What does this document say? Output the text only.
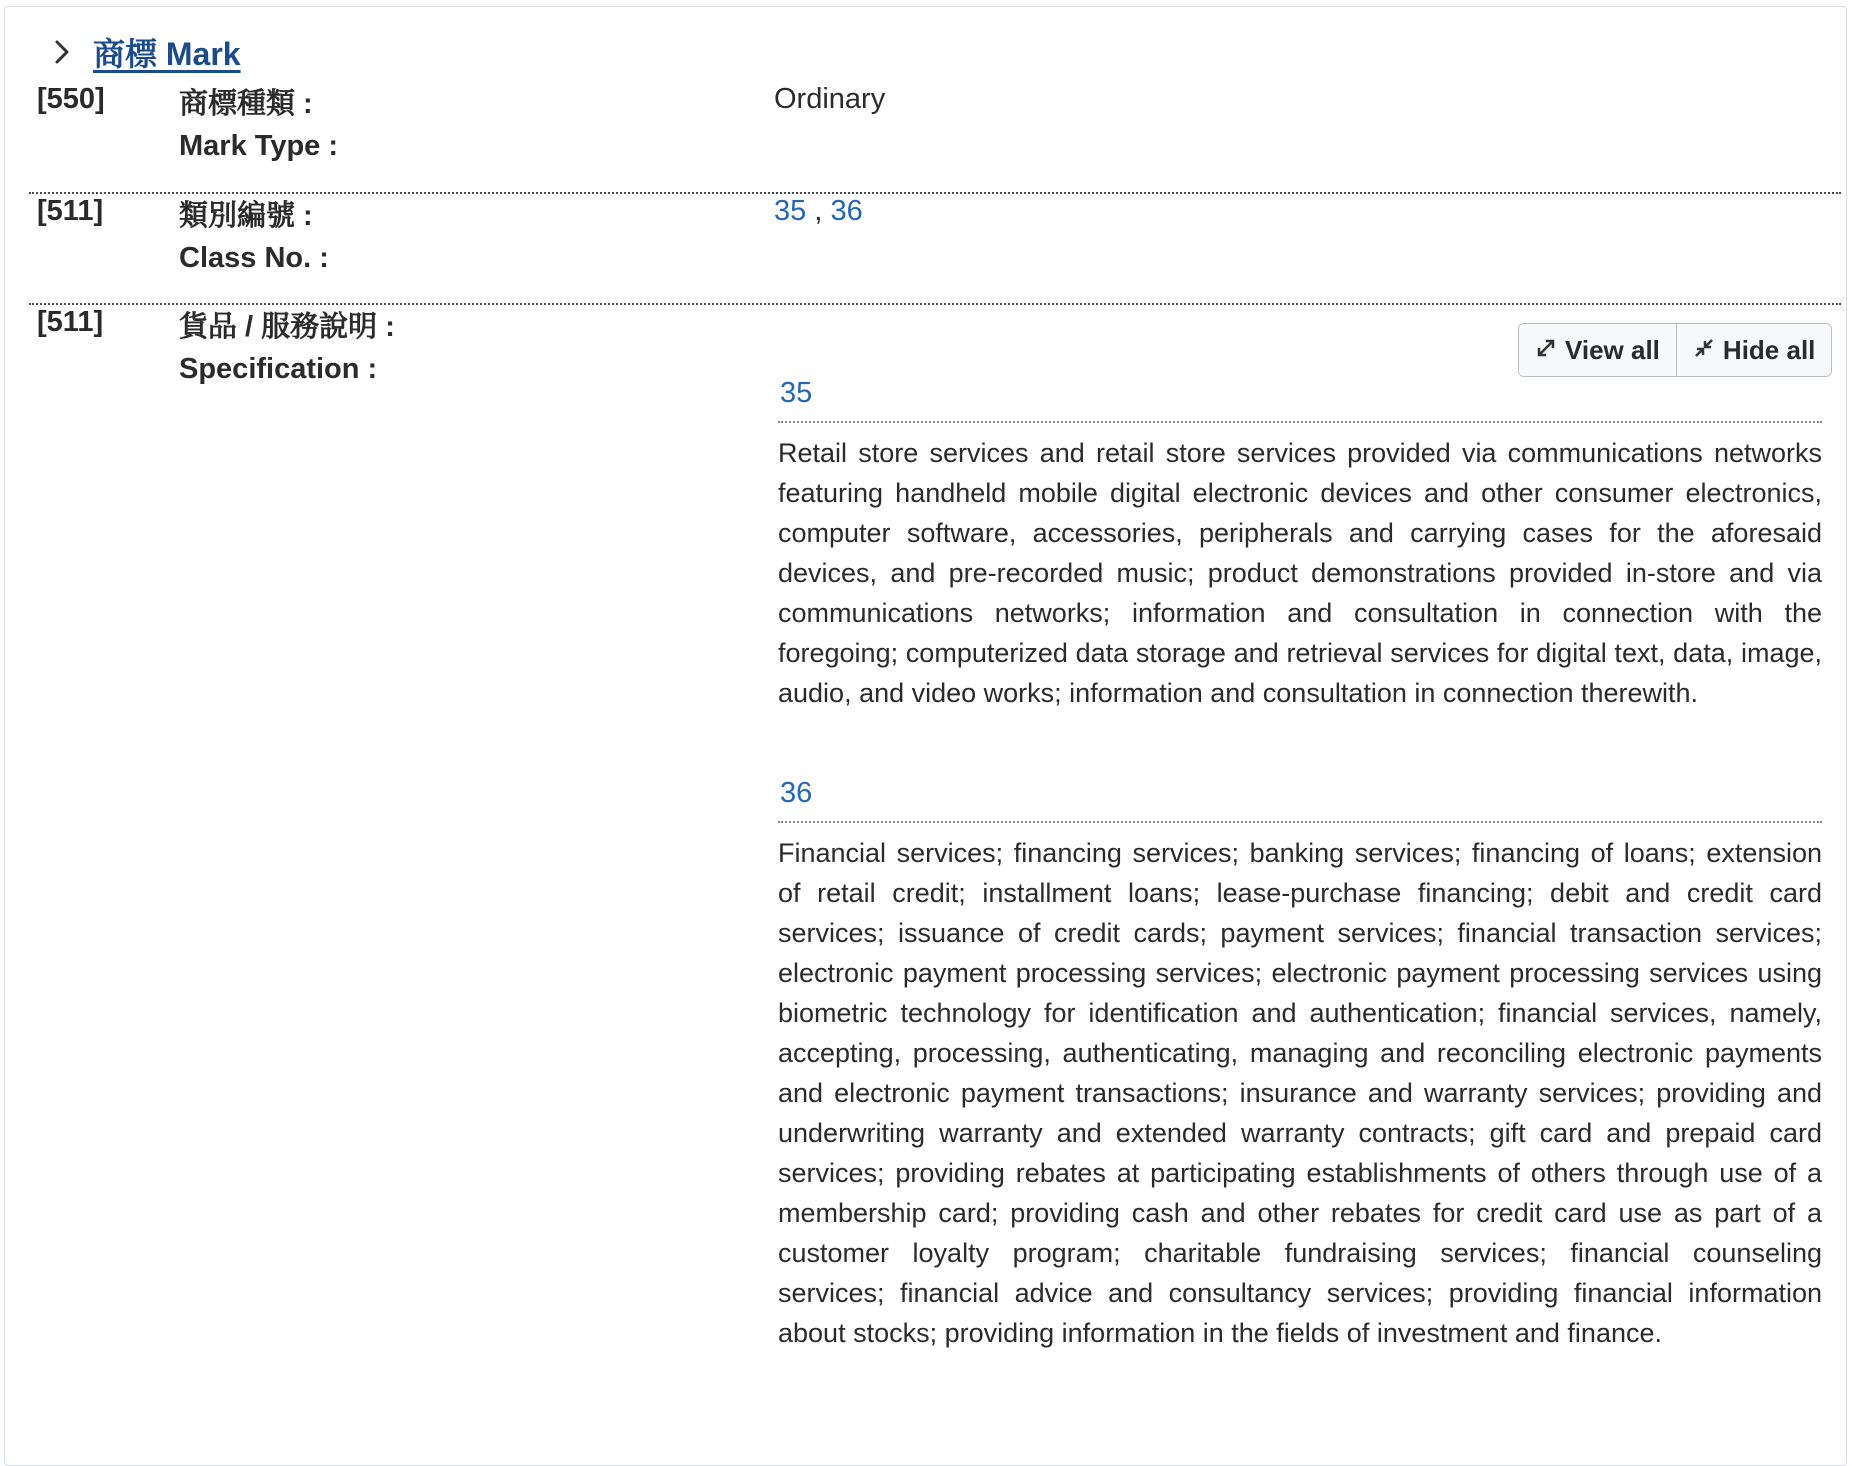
商標 Mark
[550]	商標種類 :
Mark Type :
Ordinary
[511]	類別編號 :
Class No. :
35 , 36
[511]	貨品 / 服務說明 :
Specification :
View all Hide all
35

Retail store services and retail store services provided via communications networks featuring handheld mobile digital electronic devices and other consumer electronics, computer software, accessories, peripherals and carrying cases for the aforesaid devices, and pre-recorded music; product demonstrations provided in-store and via communications networks; information and consultation in connection with the foregoing; computerized data storage and retrieval services for digital text, data, image, audio, and video works; information and consultation in connection therewith.

36

Financial services; financing services; banking services; financing of loans; extension of retail credit; installment loans; lease-purchase financing; debit and credit card services; issuance of credit cards; payment services; financial transaction services; electronic payment processing services; electronic payment processing services using biometric technology for identification and authentication; financial services, namely, accepting, processing, authenticating, managing and reconciling electronic payments and electronic payment transactions; insurance and warranty services; providing and underwriting warranty and extended warranty contracts; gift card and prepaid card services; providing rebates at participating establishments of others through use of a membership card; providing cash and other rebates for credit card use as part of a customer loyalty program; charitable fundraising services; financial counseling services; financial advice and consultancy services; providing financial information about stocks; providing information in the fields of investment and finance.
